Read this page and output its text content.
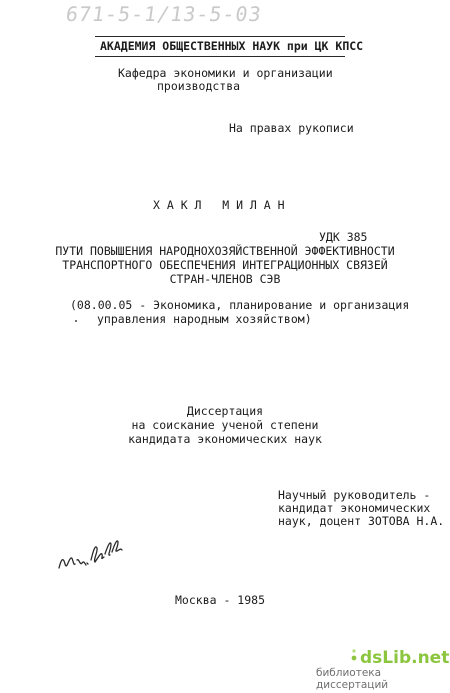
671-5-1/13-5-03
АКАДЕМИЯ ОБЩЕСТВЕННЫХ НАУК при ЦК КПСС
Кафедра экономики и организации
производства
На правах рукописи
Х А К Л   М И Л А Н
УДК 385
ПУТИ ПОВЫШЕНИЯ НАРОДНОХОЗЯЙСТВЕННОЙ ЭФФЕКТИВНОСТИ
ТРАНСПОРТНОГО ОБЕСПЕЧЕНИЯ ИНТЕГРАЦИОННЫХ СВЯЗЕЙ
СТРАН-ЧЛЕНОВ СЭВ
(08.00.05 - Экономика, планирование и организация
управления народным хозяйством)
Диссертация
на соискание ученой степени
кандидата экономических наук
Научный руководитель -
кандидат экономических
наук, доцент ЗОТОВА Н.А.
Москва - 1985
dsLib.net
библиотека диссертаций
